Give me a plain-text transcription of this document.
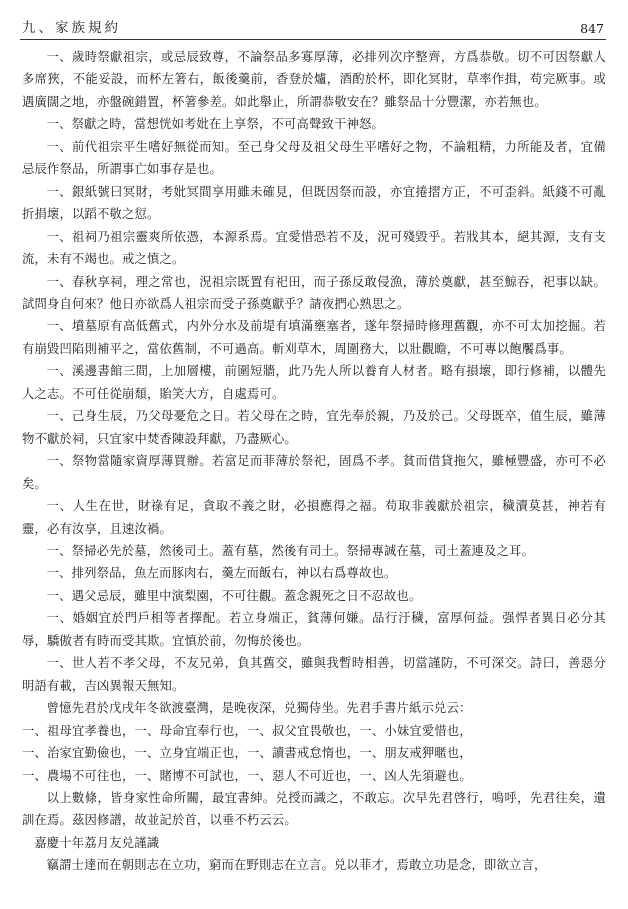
九、家族規約	847

一、歲時祭獻祖宗，或忌辰致尊，不論祭品多寡厚薄，必排列次序整齊，方爲恭敬。切不可因祭獻人多席狹，不能妥設，而杯左箸右，飯後羹前，香登於爐，酒酌於杯，即化冥財，草率作揖，苟完厥事。或遇廣闊之地，亦盤碗錯置，杯箸參差。如此舉止，所謂恭敬安在？雖祭品十分豐潔，亦若無也。

一、祭獻之時，當想恍如考妣在上享祭，不可高聲致干神怒。

一、前代祖宗平生嗜好無從而知。至己身父母及祖父母生平嗜好之物，不論粗精，力所能及者，宜備忌辰作祭品，所謂事亡如事存是也。

一、銀紙號曰冥財，考妣冥間享用雖未確見，但既因祭而設，亦宜捲摺方正，不可歪斜。紙錢不可亂折捐壞，以蹈不敬之愆。

一、祖祠乃祖宗靈爽所依憑，本源系焉。宜愛惜恐若不及，況可殘毀乎。若戕其本，絕其源，支有支流，未有不竭也。戒之慎之。

一、春秋享祠，理之常也，況祖宗既置有祀田，而子孫反敢侵漁，薄於奠獻，甚至鯨吞，祀事以缺。試問身自何來？他日亦欲爲人祖宗而受子孫奠獻乎？請夜捫心熟思之。

一、墳墓原有高低舊式，内外分水及前堤有填滿壅塞者，遂年祭掃時修理舊觀，亦不可太加挖掘。若有崩毀凹陷則補平之，當依舊制，不可過高。斬刈草木，周圍務大，以壯觀瞻，不可專以飽饜爲事。

一、溪邊書館三間，上加層樓，前圍短牆，此乃先人所以養育人材者。略有損壞，即行修補，以體先人之志。不可任從崩頹，貽笑大方，自處焉可。

一、己身生辰，乃父母憂危之日。若父母在之時，宜先奉於親，乃及於己。父母既卒，值生辰，雖薄物不獻於祠，只宜家中焚香陳設拜獻，乃盡厥心。

一、祭物當隨家資厚薄買辦。若富足而菲薄於祭祀，固爲不孝。貧而借貸拖欠，雖極豐盛，亦可不必矣。

一、人生在世，財祿有足，貪取不義之財，必損應得之福。苟取非義獻於祖宗，穢瀆莫甚，神若有靈，必有汝享，且速汝禍。

一、祭掃必先於墓，然後司土。蓋有墓，然後有司土。祭掃專誠在墓，司土蓋連及之耳。

一、排列祭品，魚左而豚肉右，羹左而飯右，神以右爲尊故也。

一、遇父忌辰，雖里中演梨園，不可往觀。蓋念親死之日不忍故也。

一、婚姻宜於門戶相等者擇配。若立身端正，貧薄何嫌。品行汙穢，富厚何益。强悍者異日必分其辱，驕傲者有時而受其欺。宜慎於前，勿悔於後也。

一、世人若不孝父母，不友兄弟，負其舊交，雖與我暫時相善，切當謹防，不可深交。詩曰，善惡分明語有載，吉凶異報天無知。

曾憶先君於戊戌年冬欲渡臺灣，是晚夜深，兑獨侍坐。先君手書片紙示兑云：

一、祖母宜孝養也，一、母命宜奉行也，一、叔父宜畏敬也，一、小妹宜愛惜也，

一、治家宜勤儉也，一、立身宜端正也，一、讀書戒怠惰也，一、朋友戒狎暱也，

一、農場不可往也，一、賭博不可試也，一、惡人不可近也，一、凶人先須避也。

以上數條，皆身家性命所關，最宜書紳。兑授而識之，不敢忘。次早先君啓行，嗚呼，先君往矣，遺訓在焉。茲因修譜，故並記於首，以垂不朽云云。

嘉慶十年荔月友兑謹識

竊謂士達而在朝則志在立功，窮而在野則志在立言。兑以菲才，焉敢立功是念，即欲立言，
